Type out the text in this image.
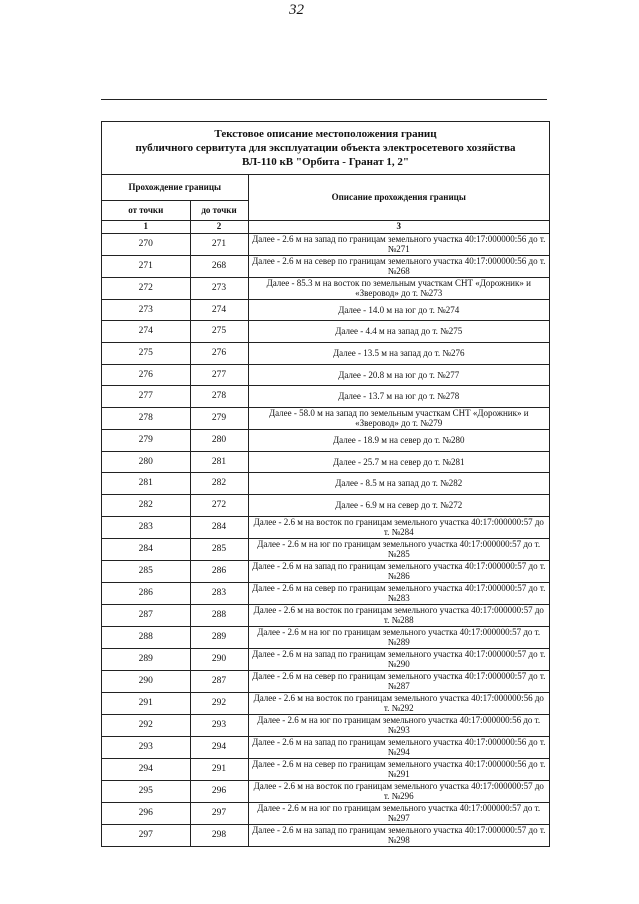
32
Текстовое описание местоположения границ
публичного сервитута для эксплуатации объекта электросетевого хозяйства
ВЛ-110 кВ "Орбита - Гранат 1, 2"
Прохождение границы		Описание прохождения границы
от точки	до точки	
1	2	3
270	271	Далее - 2.6 м на запад по границам земельного участка 40:17:000000:56 до т. №271
271	268	Далее - 2.6 м на север по границам земельного участка 40:17:000000:56 до т. №268
272	273	Далее - 85.3 м на восток по земельным участкам СНТ «Дорожник» и «Зверовод» до т. №273
273	274	Далее - 14.0 м на юг до т. №274
274	275	Далее - 4.4 м на запад до т. №275
275	276	Далее - 13.5 м на запад до т. №276
276	277	Далее - 20.8 м на юг до т. №277
277	278	Далее - 13.7 м на юг до т. №278
278	279	Далее - 58.0 м на запад по земельным участкам СНТ «Дорожник» и «Зверовод» до т. №279
279	280	Далее - 18.9 м на север до т. №280
280	281	Далее - 25.7 м на север до т. №281
281	282	Далее - 8.5 м на запад до т. №282
282	272	Далее - 6.9 м на север до т. №272
283	284	Далее - 2.6 м на восток по границам земельного участка 40:17:000000:57 до т. №284
284	285	Далее - 2.6 м на юг по границам земельного участка 40:17:000000:57 до т. №285
285	286	Далее - 2.6 м на запад по границам земельного участка 40:17:000000:57 до т. №286
286	283	Далее - 2.6 м на север по границам земельного участка 40:17:000000:57 до т. №283
287	288	Далее - 2.6 м на восток по границам земельного участка 40:17:000000:57 до т. №288
288	289	Далее - 2.6 м на юг по границам земельного участка 40:17:000000:57 до т. №289
289	290	Далее - 2.6 м на запад по границам земельного участка 40:17:000000:57 до т. №290
290	287	Далее - 2.6 м на север по границам земельного участка 40:17:000000:57 до т. №287
291	292	Далее - 2.6 м на восток по границам земельного участка 40:17:000000:56 до т. №292
292	293	Далее - 2.6 м на юг по границам земельного участка 40:17:000000:56 до т. №293
293	294	Далее - 2.6 м на запад по границам земельного участка 40:17:000000:56 до т. №294
294	291	Далее - 2.6 м на север по границам земельного участка 40:17:000000:56 до т. №291
295	296	Далее - 2.6 м на восток по границам земельного участка 40:17:000000:57 до т. №296
296	297	Далее - 2.6 м на юг по границам земельного участка 40:17:000000:57 до т. №297
297	298	Далее - 2.6 м на запад по границам земельного участка 40:17:000000:57 до т. №298
